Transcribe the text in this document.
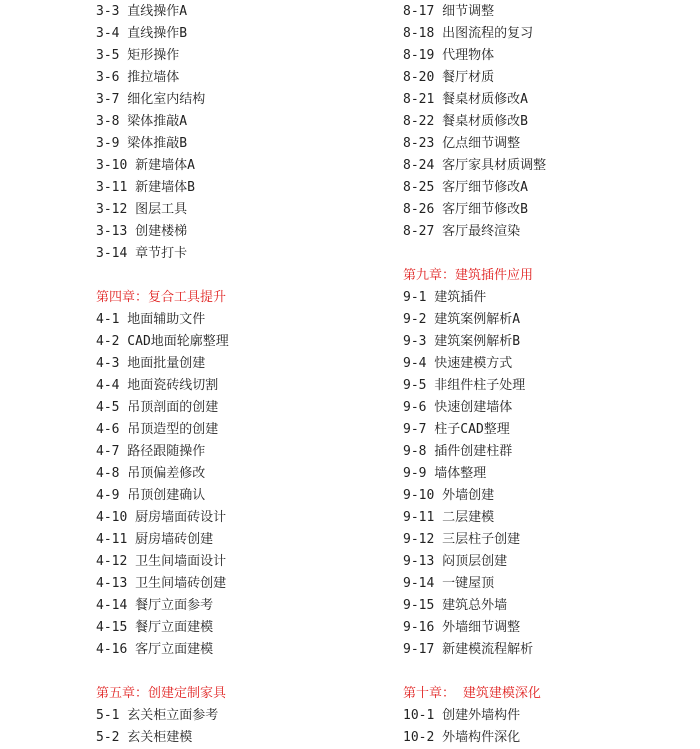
3-3 直线操作A
3-4 直线操作B
3-5 矩形操作
3-6 推拉墙体
3-7 细化室内结构
3-8 梁体推敲A
3-9 梁体推敲B
3-10 新建墙体A
3-11 新建墙体B
3-12 图层工具
3-13 创建楼梯
3-14 章节打卡
第四章：复合工具提升
4-1 地面辅助文件
4-2 CAD地面轮廓整理
4-3 地面批量创建
4-4 地面瓷砖线切割
4-5 吊顶剖面的创建
4-6 吊顶造型的创建
4-7 路径跟随操作
4-8 吊顶偏差修改
4-9 吊顶创建确认
4-10 厨房墙面砖设计
4-11 厨房墙砖创建
4-12 卫生间墙面设计
4-13 卫生间墙砖创建
4-14 餐厅立面参考
4-15 餐厅立面建模
4-16 客厅立面建模
第五章：创建定制家具
5-1 玄关柜立面参考
5-2 玄关柜建模
8-17 细节调整
8-18 出图流程的复习
8-19 代理物体
8-20 餐厅材质
8-21 餐桌材质修改A
8-22 餐桌材质修改B
8-23 亿点细节调整
8-24 客厅家具材质调整
8-25 客厅细节修改A
8-26 客厅细节修改B
8-27 客厅最终渲染
第九章：建筑插件应用
9-1 建筑插件
9-2 建筑案例解析A
9-3 建筑案例解析B
9-4 快速建模方式
9-5 非组件柱子处理
9-6 快速创建墙体
9-7 柱子CAD整理
9-8 插件创建柱群
9-9 墙体整理
9-10 外墙创建
9-11 二层建模
9-12 三层柱子创建
9-13 闷顶层创建
9-14 一键屋顶
9-15 建筑总外墙
9-16 外墙细节调整
9-17 新建模流程解析
第十章： 建筑建模深化
10-1 创建外墙构件
10-2 外墙构件深化
